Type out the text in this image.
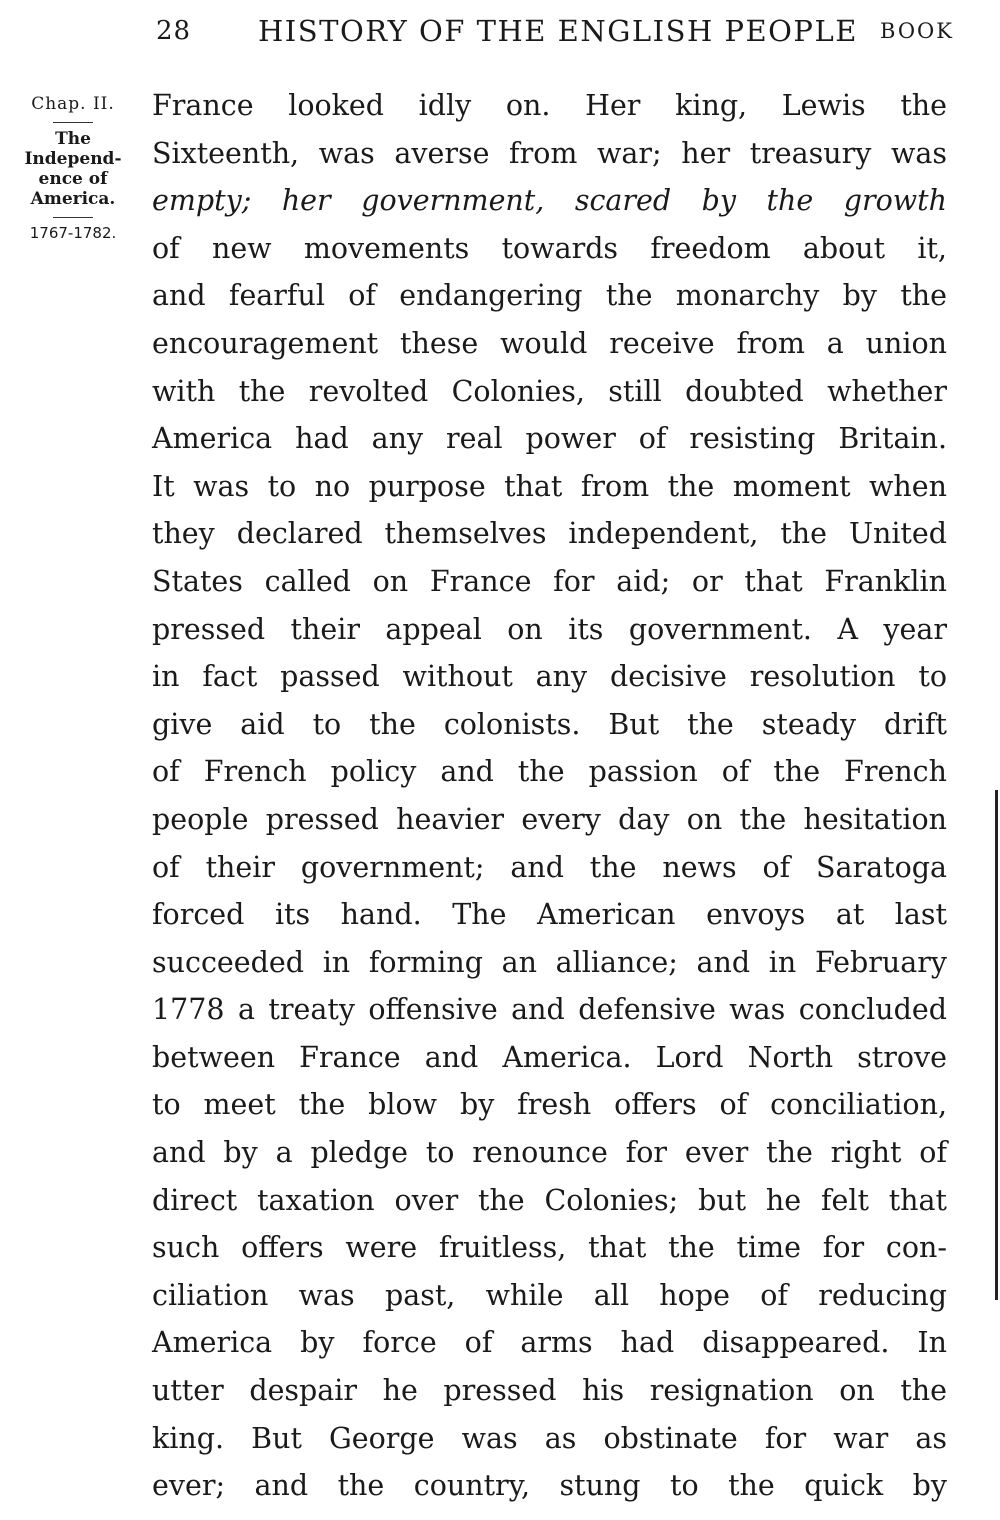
28 HISTORY OF THE ENGLISH PEOPLE BOOK
Chap. II.
The
Independ-
ence of
America.
1767-1782.
France looked idly on. Her king, Lewis the
Sixteenth, was averse from war; her treasury was
empty; her government, scared by the growth
of new movements towards freedom about it,
and fearful of endangering the monarchy by the
encouragement these would receive from a union
with the revolted Colonies, still doubted whether
America had any real power of resisting Britain.
It was to no purpose that from the moment when
they declared themselves independent, the United
States called on France for aid; or that Franklin
pressed their appeal on its government. A year
in fact passed without any decisive resolution to
give aid to the colonists. But the steady drift
of French policy and the passion of the French
people pressed heavier every day on the hesitation
of their government; and the news of Saratoga
forced its hand. The American envoys at last
succeeded in forming an alliance; and in February
1778 a treaty offensive and defensive was concluded
between France and America. Lord North strove
to meet the blow by fresh offers of conciliation,
and by a pledge to renounce for ever the right of
direct taxation over the Colonies; but he felt that
such offers were fruitless, that the time for con-
ciliation was past, while all hope of reducing
America by force of arms had disappeared. In
utter despair he pressed his resignation on the
king. But George was as obstinate for war as
ever; and the country, stung to the quick by
